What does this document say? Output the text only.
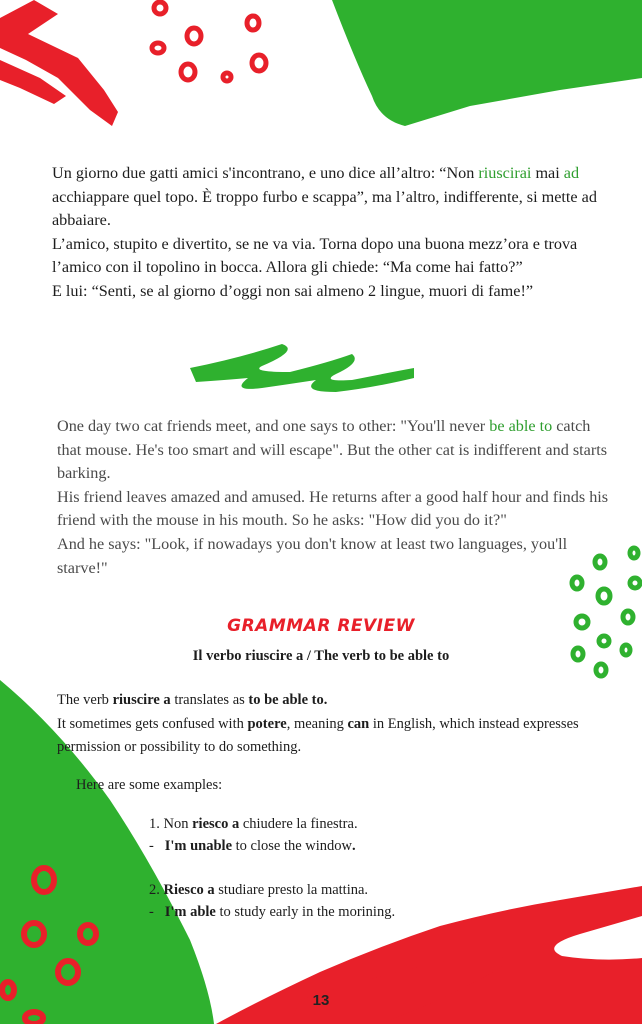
Un giorno due gatti amici s'incontrano, e uno dice all’altro: “Non riuscirai mai ad acchiappare quel topo. È troppo furbo e scappa”, ma l’altro, indifferente, si mette ad abbaiare.

L’amico, stupito e divertito, se ne va via. Torna dopo una buona mezz’ora e trova l’amico con il topolino in bocca. Allora gli chiede: “Ma come hai fatto?”

E lui: “Senti, se al giorno d’oggi non sai almeno 2 lingue, muori di fame!”

One day two cat friends meet, and one says to other: "You'll never be able to catch that mouse. He's too smart and will escape". But the other cat is indifferent and starts barking.

His friend leaves amazed and amused. He returns after a good half hour and finds his friend with the mouse in his mouth. So he asks: "How did you do it?"

And he says: "Look, if nowadays you don't know at least two languages, you'll starve!"

GRAMMAR REVIEW
Il verbo riuscire a / The verb to be able to
The verb riuscire a translates as to be able to.
It sometimes gets confused with potere, meaning can in English, which instead expresses permission or possibility to do something.
Here are some examples:
1. Non riesco a chiudere la finestra.
- I'm unable to close the window.
2. Riesco a studiare presto la mattina.
- I'm able to study early in the morining.
13
